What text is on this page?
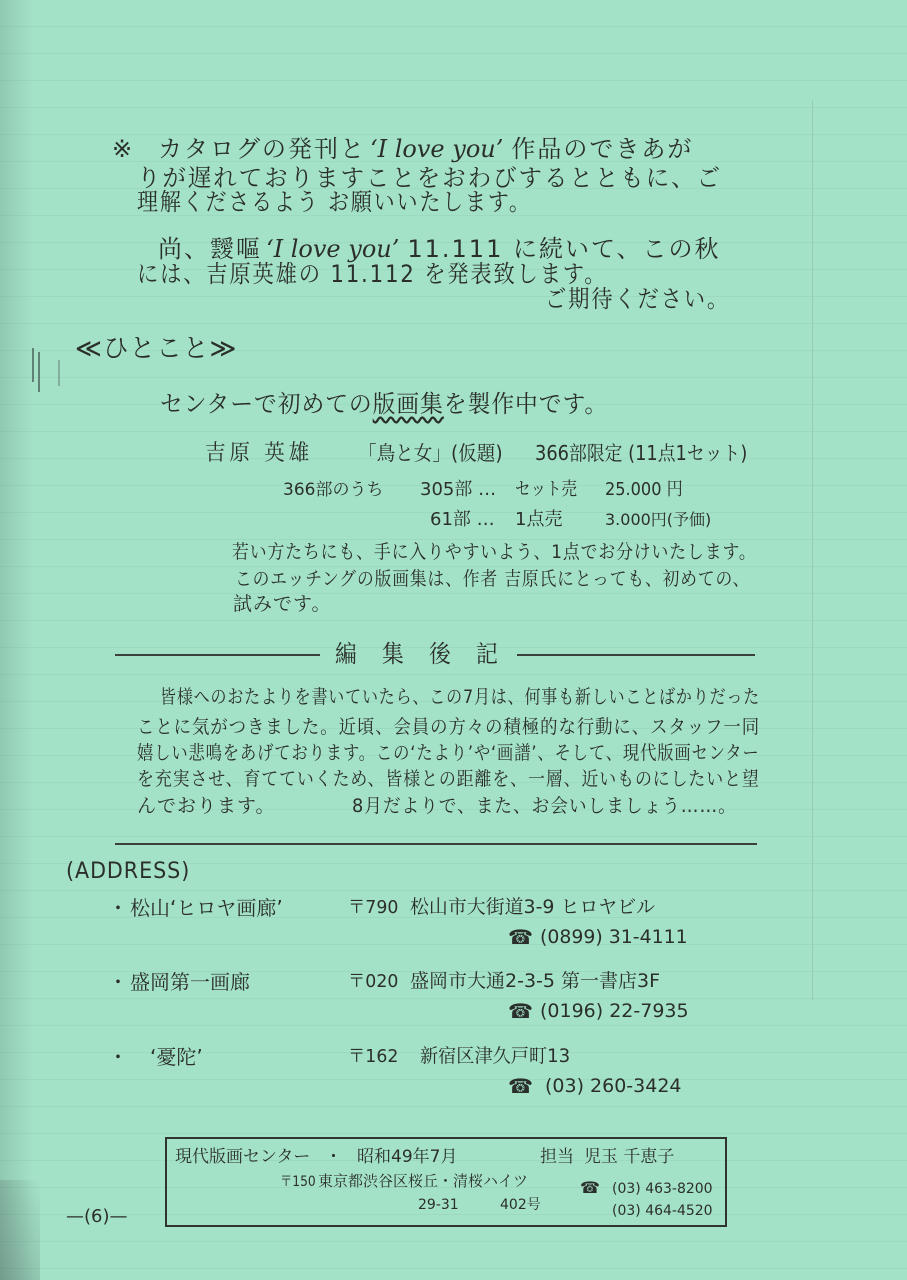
※ カタログの発刊と ‘I love you’ 作品のできあが
りが遅れておりますことをおわびするとともに、ご
理解くださるよう お願いいたします。
尚、靉嘔 ‘I love you’ 11.111 に続いて、この秋
には、吉原英雄の 11.112 を発表致します。
ご期待ください。
≪ひとこと≫
センターで初めての版画集を製作中です。
吉原 英雄 「鳥と女」(仮題) 366部限定 (11点1セット)
366部のうち 305部 …	セット売 25.000 円
61部 …	1点売	3.000円(予価)
若い方たちにも、手に入りやすいよう、1点でお分けいたします。
このエッチングの版画集は、作者 吉原氏にとっても、初めての、
試みです。
編 集 後 記
皆様へのおたよりを書いていたら、この7月は、何事も新しいことばかりだった
ことに気がつきました。近頃、会員の方々の積極的な行動に、スタッフ一同
嬉しい悲鳴をあげております。この‘たより’や‘画譜’、そして、現代版画センター
を充実させ、育てていくため、皆様との距離を、一層、近いものにしたいと望
んでおります。	8月だよりで、また、お会いしましょう……。
(ADDRESS)
・ 松山‘ヒロヤ画廊’	〒790 松山市大街道3-9 ヒロヤビル
☎ (0899) 31-4111
・ 盛岡第一画廊	〒020 盛岡市大通2-3-5 第一書店3F
☎ (0196) 22-7935
・ ‘憂陀’	〒162 新宿区津久戸町13
☎ (03) 260-3424
現代版画センター ・ 昭和49年7月	担当 児玉 千恵子
〒150 東京都渋谷区桜丘・清桜ハイツ
29-31	402号
☎ (03) 463-8200
(03) 464-4520
—(6)—
